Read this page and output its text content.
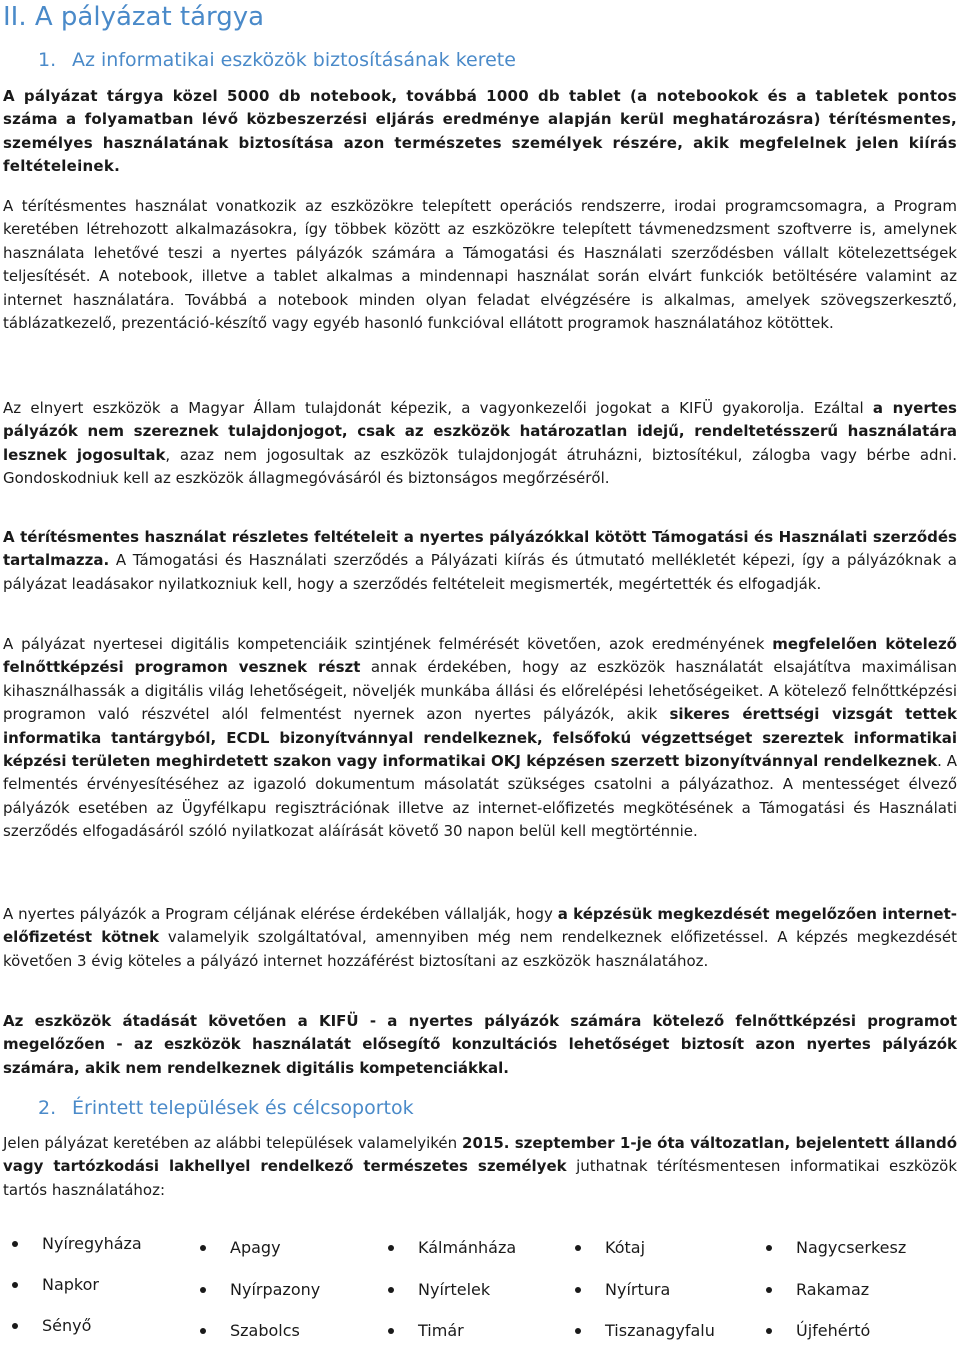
II. A pályázat tárgya
1. Az informatikai eszközök biztosításának kerete

A pályázat tárgya közel 5000 db notebook, továbbá 1000 db tablet (a notebookok és a tabletek pontos száma a folyamatban lévő közbeszerzési eljárás eredménye alapján kerül meghatározásra) térítésmentes, személyes használatának biztosítása azon természetes személyek részére, akik megfelelnek jelen kiírás feltételeinek.

A térítésmentes használat vonatkozik az eszközökre telepített operációs rendszerre, irodai programcsomagra, a Program keretében létrehozott alkalmazásokra, így többek között az eszközökre telepített távmenedzsment szoftverre is, amelynek használata lehetővé teszi a nyertes pályázók számára a Támogatási és Használati szerződésben vállalt kötelezettségek teljesítését. A notebook, illetve a tablet alkalmas a mindennapi használat során elvárt funkciók betöltésére valamint az internet használatára. Továbbá a notebook minden olyan feladat elvégzésére is alkalmas, amelyek szövegszerkesztő, táblázatkezelő, prezentáció-készítő vagy egyéb hasonló funkcióval ellátott programok használatához kötöttek.

Az elnyert eszközök a Magyar Állam tulajdonát képezik, a vagyonkezelői jogokat a KIFÜ gyakorolja. Ezáltal a nyertes pályázók nem szereznek tulajdonjogot, csak az eszközök határozatlan idejű, rendeltetésszerű használatára lesznek jogosultak, azaz nem jogosultak az eszközök tulajdonjogát átruházni, biztosítékul, zálogba vagy bérbe adni. Gondoskodniuk kell az eszközök állagmegóvásáról és biztonságos megőrzéséről.

A térítésmentes használat részletes feltételeit a nyertes pályázókkal kötött Támogatási és Használati szerződés tartalmazza. A Támogatási és Használati szerződés a Pályázati kiírás és útmutató mellékletét képezi, így a pályázóknak a pályázat leadásakor nyilatkozniuk kell, hogy a szerződés feltételeit megismerték, megértették és elfogadják.

A pályázat nyertesei digitális kompetenciáik szintjének felmérését követően, azok eredményének megfelelően kötelező felnőttképzési programon vesznek részt annak érdekében, hogy az eszközök használatát elsajátítva maximálisan kihasználhassák a digitális világ lehetőségeit, növeljék munkába állási és előrelépési lehetőségeiket. A kötelező felnőttképzési programon való részvétel alól felmentést nyernek azon nyertes pályázók, akik sikeres érettségi vizsgát tettek informatika tantárgyból, ECDL bizonyítvánnyal rendelkeznek, felsőfokú végzettséget szereztek informatikai képzési területen meghirdetett szakon vagy informatikai OKJ képzésen szerzett bizonyítvánnyal rendelkeznek. A felmentés érvényesítéséhez az igazoló dokumentum másolatát szükséges csatolni a pályázathoz. A mentességet élvező pályázók esetében az Ügyfélkapu regisztrációnak illetve az internet-előfizetés megkötésének a Támogatási és Használati szerződés elfogadásáról szóló nyilatkozat aláírását követő 30 napon belül kell megtörténnie.

A nyertes pályázók a Program céljának elérése érdekében vállalják, hogy a képzésük megkezdését megelőzően internet-előfizetést kötnek valamelyik szolgáltatóval, amennyiben még nem rendelkeznek előfizetéssel. A képzés megkezdését követően 3 évig köteles a pályázó internet hozzáférést biztosítani az eszközök használatához.

Az eszközök átadását követően a KIFÜ - a nyertes pályázók számára kötelező felnőttképzési programot megelőzően - az eszközök használatát elősegítő konzultációs lehetőséget biztosít azon nyertes pályázók számára, akik nem rendelkeznek digitális kompetenciákkal.

2. Érintett települések és célcsoportok

Jelen pályázat keretében az alábbi települések valamelyikén 2015. szeptember 1-je óta változatlan, bejelentett állandó vagy tartózkodási lakhellyel rendelkező természetes személyek juthatnak térítésmentesen informatikai eszközök tartós használatához:

Nyíregyháza
Napkor
Sényő
Apagy
Nyírpazony
Szabolcs
Kálmánháza
Nyírtelek
Timár
Kótaj
Nyírtura
Tiszanagyfalu
Nagycserkesz
Rakamaz
Újfehértó
